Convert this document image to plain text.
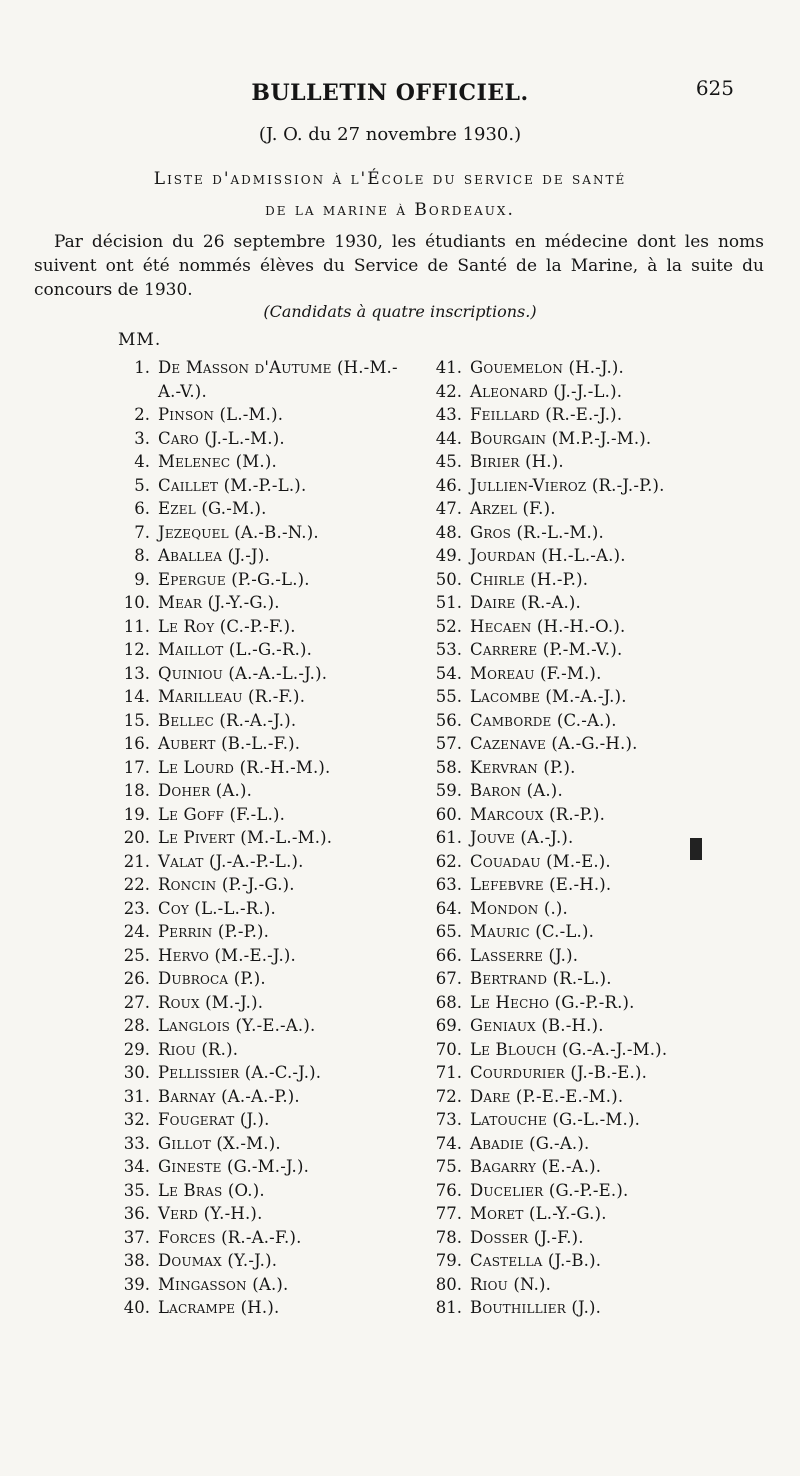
BULLETIN OFFICIEL.	625
(J. O. du 27 novembre 1930.)
Liste d'admission à l'École du service de santé
de la marine à Bordeaux.
Par décision du 26 septembre 1930, les étudiants en médecine dont les noms suivent ont été nommés élèves du Service de Santé de la Marine, à la suite du concours de 1930.
(Candidats à quatre inscriptions.)
MM.
1. De Masson d'Autume (H.-M.-A.-V.).
2. Pinson (L.-M.).
3. Caro (J.-L.-M.).
4. Melenec (M.).
5. Caillet (M.-P.-L.).
6. Ezel (G.-M.).
7. Jezequel (A.-B.-N.).
8. Aballea (J.-J).
9. Epergue (P.-G.-L.).
10. Mear (J.-Y.-G.).
11. Le Roy (C.-P.-F.).
12. Maillot (L.-G.-R.).
13. Quiniou (A.-A.-L.-J.).
14. Marilleau (R.-F.).
15. Bellec (R.-A.-J.).
16. Aubert (B.-L.-F.).
17. Le Lourd (R.-H.-M.).
18. Doher (A.).
19. Le Goff (F.-L.).
20. Le Pivert (M.-L.-M.).
21. Valat (J.-A.-P.-L.).
22. Roncin (P.-J.-G.).
23. Coy (L.-L.-R.).
24. Perrin (P.-P.).
25. Hervo (M.-E.-J.).
26. Dubroca (P.).
27. Roux (M.-J.).
28. Langlois (Y.-E.-A.).
29. Riou (R.).
30. Pellissier (A.-C.-J.).
31. Barnay (A.-A.-P.).
32. Fougerat (J.).
33. Gillot (X.-M.).
34. Gineste (G.-M.-J.).
35. Le Bras (O.).
36. Verd (Y.-H.).
37. Forces (R.-A.-F.).
38. Doumax (Y.-J.).
39. Mingasson (A.).
40. Lacrampe (H.).
41. Gouemelon (H.-J.).
42. Aleonard (J.-J.-L.).
43. Feillard (R.-E.-J.).
44. Bourgain (M.P.-J.-M.).
45. Birier (H.).
46. Jullien-Vieroz (R.-J.-P.).
47. Arzel (F.).
48. Gros (R.-L.-M.).
49. Jourdan (H.-L.-A.).
50. Chirle (H.-P.).
51. Daire (R.-A.).
52. Hecaen (H.-H.-O.).
53. Carrere (P.-M.-V.).
54. Moreau (F.-M.).
55. Lacombe (M.-A.-J.).
56. Camborde (C.-A.).
57. Cazenave (A.-G.-H.).
58. Kervran (P.).
59. Baron (A.).
60. Marcoux (R.-P.).
61. Jouve (A.-J.).
62. Couadau (M.-E.).
63. Lefebvre (E.-H.).
64. Mondon (.).
65. Mauric (C.-L.).
66. Lasserre (J.).
67. Bertrand (R.-L.).
68. Le Hecho (G.-P.-R.).
69. Geniaux (B.-H.).
70. Le Blouch (G.-A.-J.-M.).
71. Courdurier (J.-B.-E.).
72. Dare (P.-E.-E.-M.).
73. Latouche (G.-L.-M.).
74. Abadie (G.-A.).
75. Bagarry (E.-A.).
76. Ducelier (G.-P.-E.).
77. Moret (L.-Y.-G.).
78. Dosser (J.-F.).
79. Castella (J.-B.).
80. Riou (N.).
81. Bouthillier (J.).
